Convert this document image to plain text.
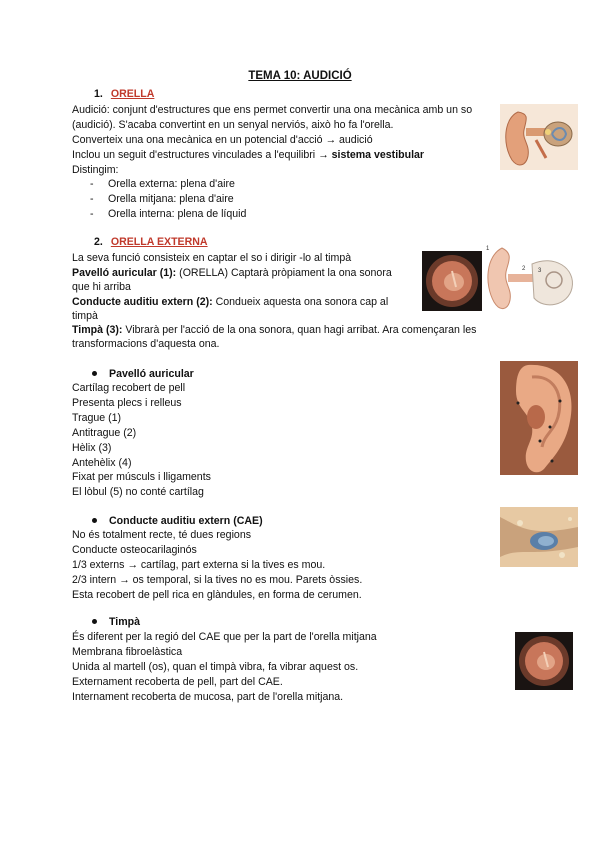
TEMA 10: AUDICIÓ
1. ORELLA
Audició: conjunt d'estructures que ens permet convertir una ona mecànica amb un so
(audició). S'acaba convertint en un senyal nerviós, això ho fa l'orella.
Converteix una ona mecànica en un potencial d'acció → audició
Inclou un seguit d'estructures vinculades a l'equilibri → sistema vestibular
Distingim:
- Orella externa: plena d'aire
- Orella mitjana: plena d'aire
- Orella interna: plena de líquid
2. ORELLA EXTERNA
La seva funció consisteix en captar el so i dirigir -lo al timpà
Pavelló auricular (1): (ORELLA) Captarà pròpiament la ona sonora
que hi arriba
Conducte auditiu extern (2): Condueix aquesta ona sonora cap al
timpà
Timpà (3): Vibrarà per l'acció de la ona sonora, quan hagi arribat. Ara començaran les
transformacions d'aquesta ona.
2 3
1
Pavelló auricular
Cartílag recobert de pell
Presenta plecs i relleus
Trague (1)
Antitrague (2)
Hèlix (3)
Antehèlix (4)
Fixat per músculs i lligaments
El lòbul (5) no conté cartílag
Conducte auditiu extern (CAE)
No és totalment recte, té dues regions
Conducte osteocarilaginós
1/3 externs → cartílag, part externa si la tives es mou.
2/3 intern → os temporal, si la tives no es mou. Parets òssies.
Esta recobert de pell rica en glàndules, en forma de cerumen.
Timpà
És diferent per la regió del CAE que per la part de l'orella mitjana
Membrana fibroelàstica
Unida al martell (os), quan el timpà vibra, fa vibrar aquest os.
Externament recoberta de pell, part del CAE.
Internament recoberta de mucosa, part de l'orella mitjana.
